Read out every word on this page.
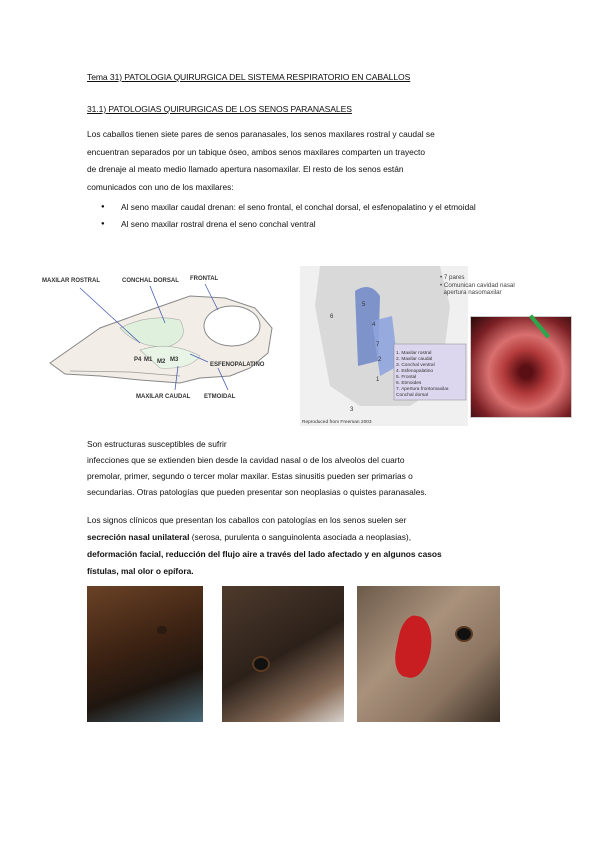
Tema 31) PATOLOGIA QUIRURGICA DEL SISTEMA RESPIRATORIO EN CABALLOS
31.1) PATOLOGIAS QUIRURGICAS DE LOS SENOS PARANASALES
Los caballos tienen siete pares de senos paranasales, los senos maxilares rostral y caudal se
encuentran separados por un tabique óseo, ambos senos maxilares comparten un trayecto
de drenaje al meato medio llamado apertura nasomaxilar. El resto de los senos están
comunicados con uno de los maxilares:
● Al seno maxilar caudal drenan: el seno frontal, el conchal dorsal, el esfenopalatino y el etmoidal
● Al seno maxilar rostral drena el seno conchal ventral
MAXILAR ROSTRAL	CONCHAL DORSAL FRONTAL
P4 M1 M2 M3
ESFENOPALATINO
MAXILAR CAUDAL ETMOIDAL
6
3
1
2
4
5
7
1. Maxilar rostral
2. Maxilar caudal
3. Conchal ventral
4. Esfenopalatino
5. Frontal
6. Etmoides
7. Apertura frontomaxilar.
Conchal dorsal
Reproduced from Freeman 2003
• 7 pares
• Comunican cavidad nasal
apertura nasomaxilar
Son estructuras susceptibles de sufrir
infecciones que se extienden bien desde la cavidad nasal o de los alveolos del cuarto
premolar, primer, segundo o tercer molar maxilar. Estas sinusitis pueden ser primarias o
secundarias. Otras patologías que pueden presentar son neoplasias o quistes paranasales.
Los signos clínicos que presentan los caballos con patologías en los senos suelen ser
secreción nasal unilateral (serosa, purulenta o sanguinolenta asociada a neoplasias),
deformación facial, reducción del flujo aire a través del lado afectado y en algunos casos
fístulas, mal olor o epífora.
